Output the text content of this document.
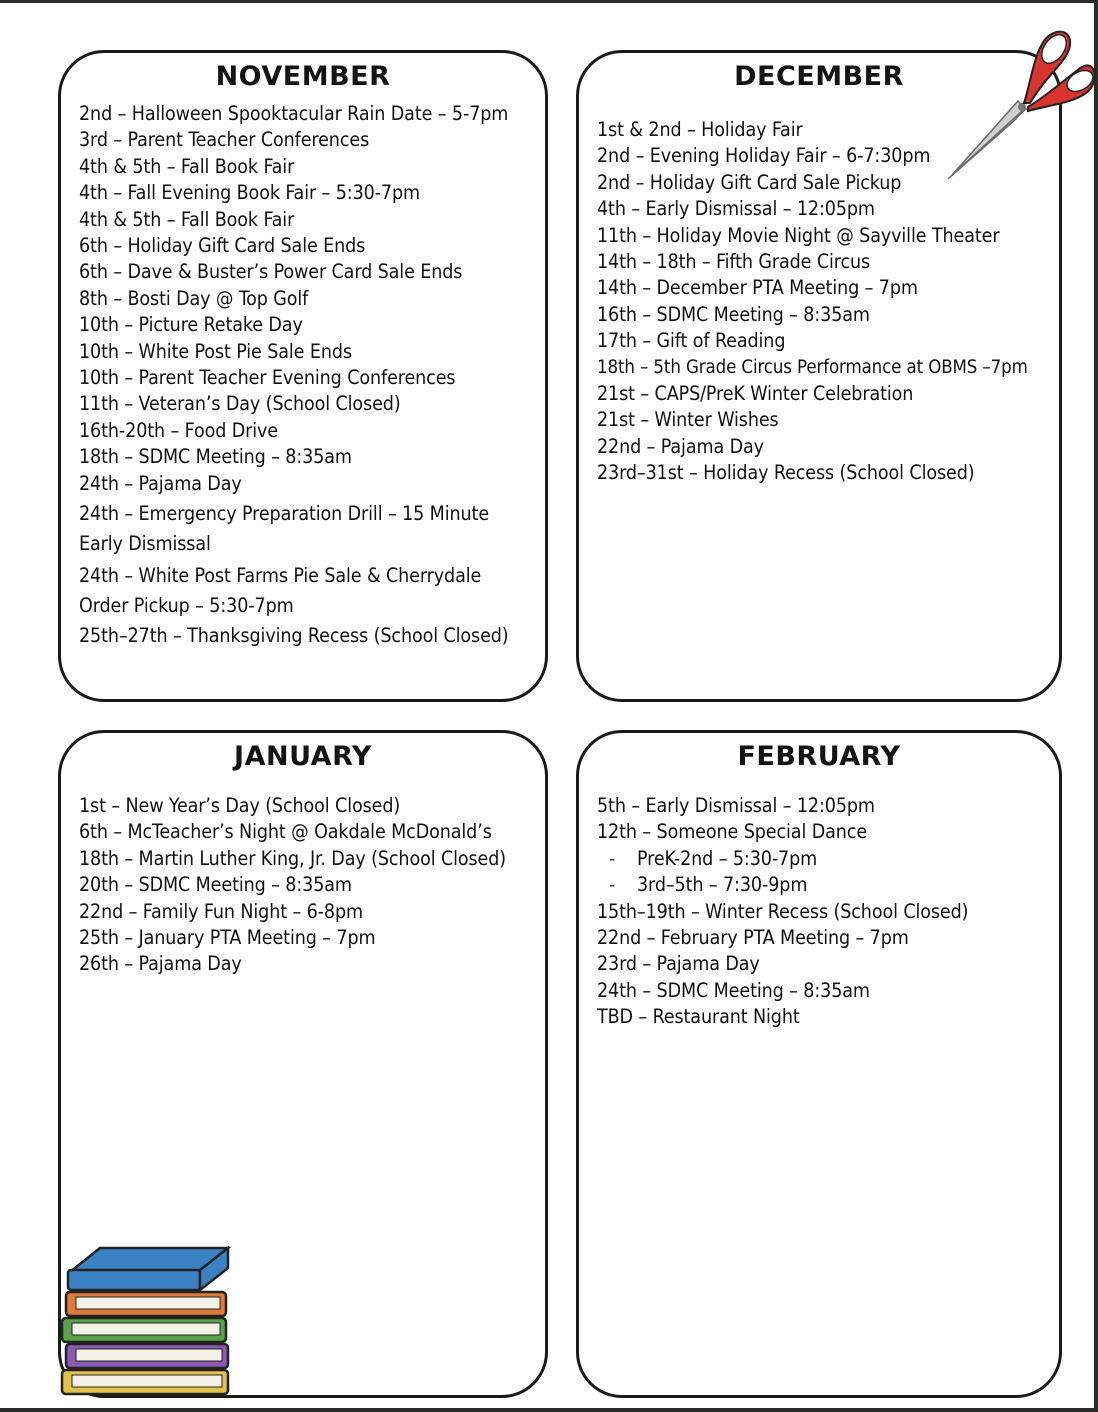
NOVEMBER
2nd – Halloween Spooktacular Rain Date – 5-7pm
3rd – Parent Teacher Conferences
4th & 5th – Fall Book Fair
4th – Fall Evening Book Fair – 5:30-7pm
4th & 5th – Fall Book Fair
6th – Holiday Gift Card Sale Ends
6th – Dave & Buster’s Power Card Sale Ends
8th – Bosti Day @ Top Golf
10th – Picture Retake Day
10th – White Post Pie Sale Ends
10th – Parent Teacher Evening Conferences
11th – Veteran’s Day (School Closed)
16th-20th – Food Drive
18th – SDMC Meeting – 8:35am
24th – Pajama Day
24th – Emergency Preparation Drill – 15 Minute Early Dismissal
24th – White Post Farms Pie Sale & Cherrydale Order Pickup – 5:30-7pm
25th–27th – Thanksgiving Recess (School Closed)
DECEMBER
1st & 2nd – Holiday Fair
2nd – Evening Holiday Fair – 6-7:30pm
2nd – Holiday Gift Card Sale Pickup
4th – Early Dismissal – 12:05pm
11th – Holiday Movie Night @ Sayville Theater
14th – 18th – Fifth Grade Circus
14th – December PTA Meeting – 7pm
16th – SDMC Meeting – 8:35am
17th – Gift of Reading
18th – 5th Grade Circus Performance at OBMS –7pm
21st – CAPS/PreK Winter Celebration
21st – Winter Wishes
22nd – Pajama Day
23rd–31st – Holiday Recess (School Closed)
JANUARY
1st – New Year’s Day (School Closed)
6th – McTeacher’s Night @ Oakdale McDonald’s
18th – Martin Luther King, Jr. Day (School Closed)
20th – SDMC Meeting – 8:35am
22nd – Family Fun Night – 6-8pm
25th – January PTA Meeting – 7pm
26th – Pajama Day
FEBRUARY
5th – Early Dismissal – 12:05pm
12th – Someone Special Dance
- PreK-2nd – 5:30-7pm
- 3rd–5th – 7:30-9pm
15th–19th – Winter Recess (School Closed)
22nd – February PTA Meeting – 7pm
23rd – Pajama Day
24th – SDMC Meeting – 8:35am
TBD – Restaurant Night
